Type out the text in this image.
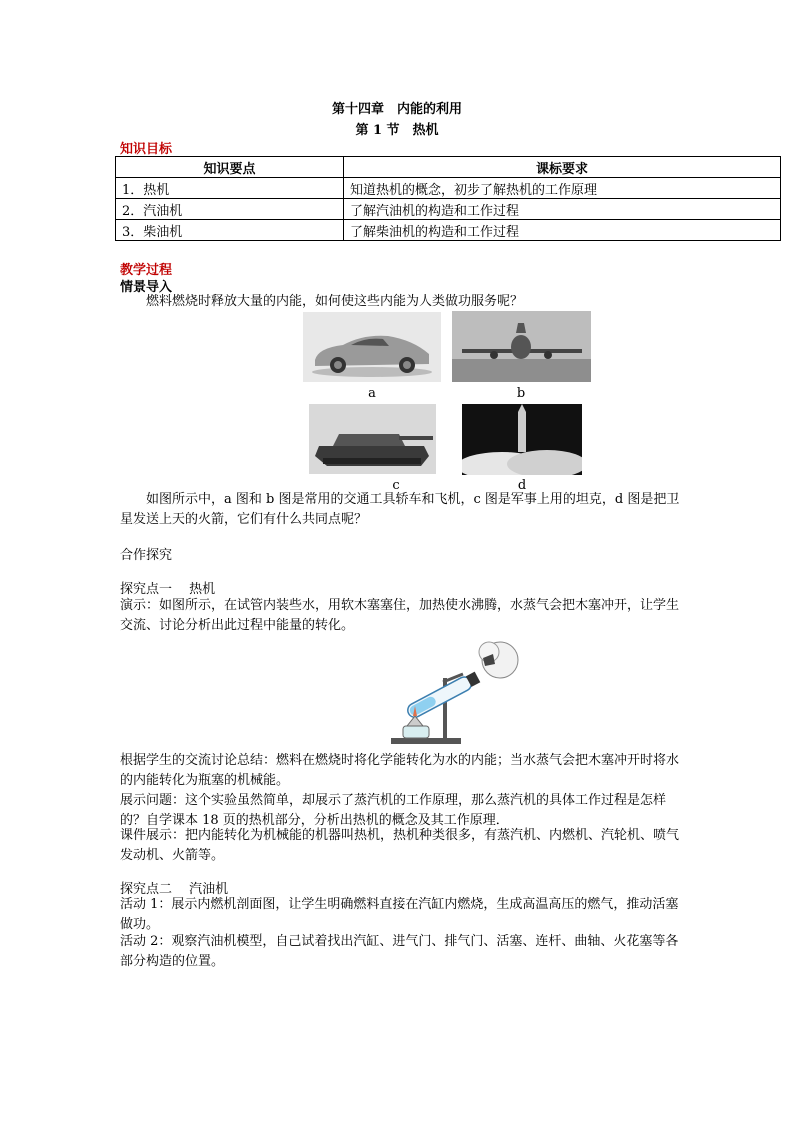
第十四章　内能的利用
第 1 节　热机
知识目标
知识要点	课标要求
1．热机	知道热机的概念，初步了解热机的工作原理
2．汽油机	了解汽油机的构造和工作过程
3．柴油机	了解柴油机的构造和工作过程
教学过程
情景导入
燃料燃烧时释放大量的内能，如何使这些内能为人类做功服务呢？
a	b
c	d
如图所示中，a 图和 b 图是常用的交通工具轿车和飞机，c 图是军事上用的坦克，d 图是把卫星发送上天的火箭，它们有什么共同点呢？
合作探究
探究点一　 热机
演示：如图所示，在试管内装些水，用软木塞塞住，加热使水沸腾，水蒸气会把木塞冲开，让学生交流、讨论分析出此过程中能量的转化。
根据学生的交流讨论总结：燃料在燃烧时将化学能转化为水的内能；当水蒸气会把木塞冲开时将水的内能转化为瓶塞的机械能。
展示问题：这个实验虽然简单，却展示了蒸汽机的工作原理，那么蒸汽机的具体工作过程是怎样的？自学课本 18 页的热机部分，分析出热机的概念及其工作原理．
课件展示：把内能转化为机械能的机器叫热机，热机种类很多，有蒸汽机、内燃机、汽轮机、喷气发动机、火箭等。
探究点二　 汽油机
活动 1：展示内燃机剖面图，让学生明确燃料直接在汽缸内燃烧，生成高温高压的燃气，推动活塞做功。
活动 2：观察汽油机模型，自己试着找出汽缸、进气门、排气门、活塞、连杆、曲轴、火花塞等各部分构造的位置。
